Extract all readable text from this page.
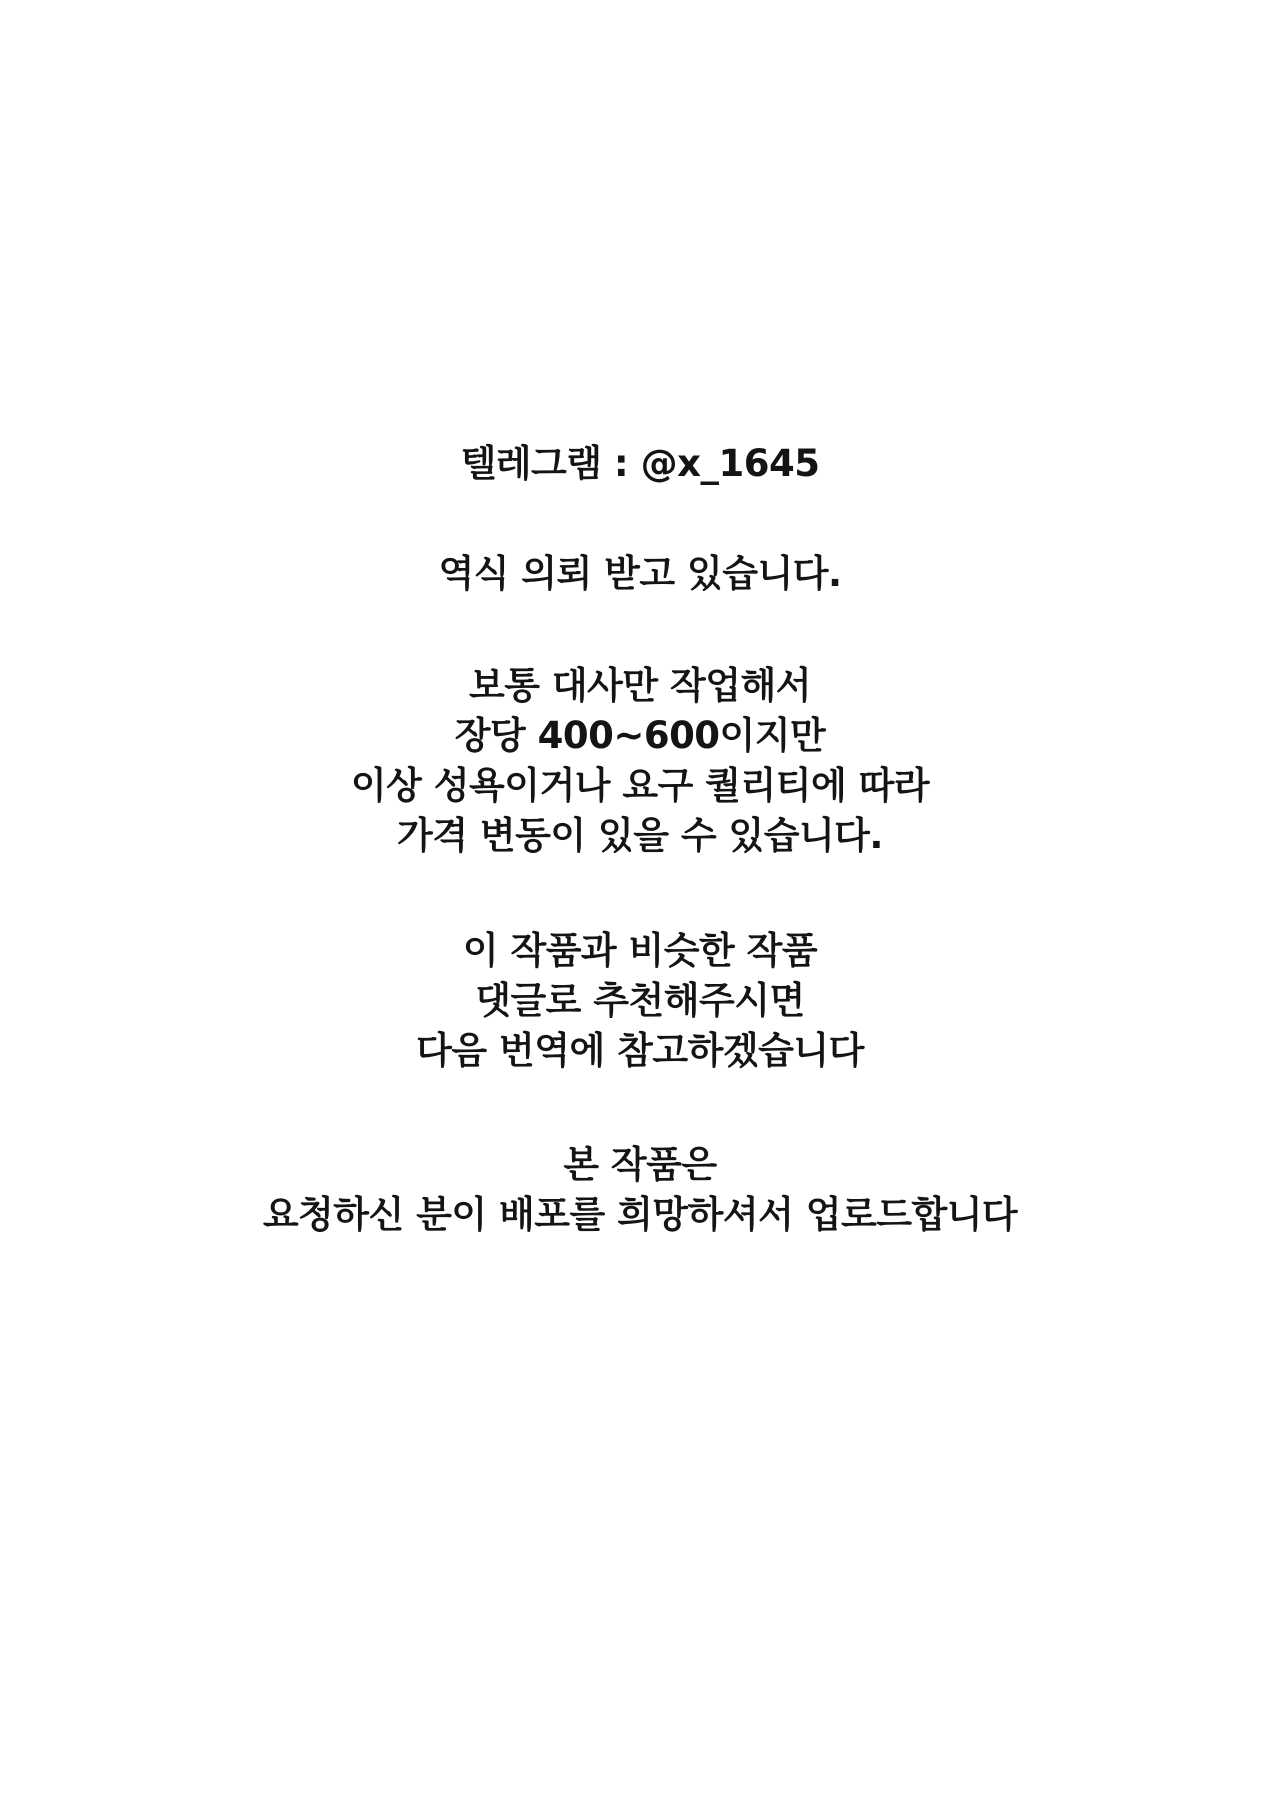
텔레그램 : @x_1645
역식 의뢰 받고 있습니다.
보통 대사만 작업해서
장당 400~600이지만
이상 성욕이거나 요구 퀄리티에 따라
가격 변동이 있을 수 있습니다.
이 작품과 비슷한 작품
댓글로 추천해주시면
다음 번역에 참고하겠습니다
본 작품은
요청하신 분이 배포를 희망하셔서 업로드합니다
